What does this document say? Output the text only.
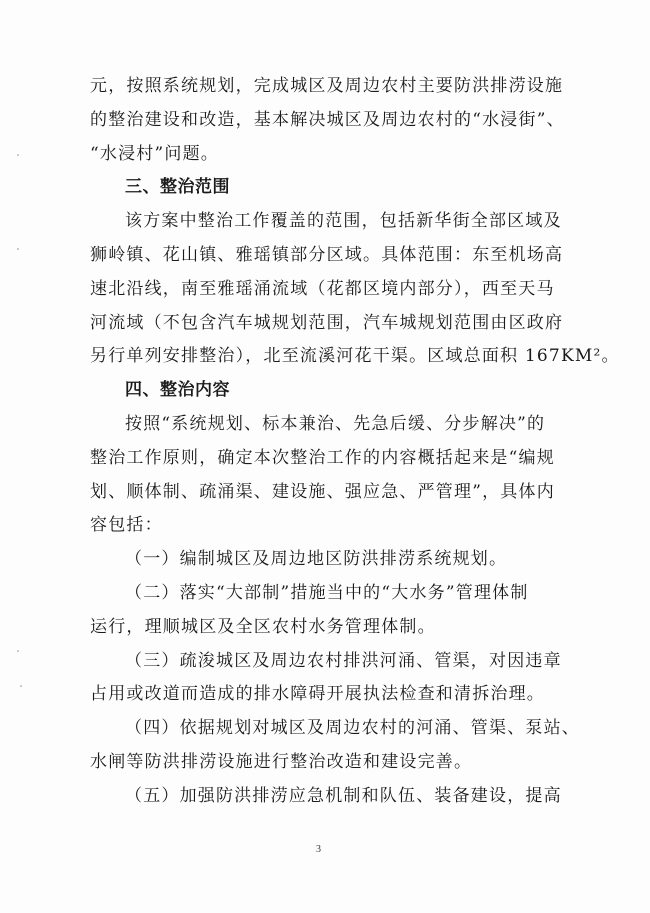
元，按照系统规划，完成城区及周边农村主要防洪排涝设施
的整治建设和改造，基本解决城区及周边农村的“水浸街”、
“水浸村”问题。
三、整治范围
该方案中整治工作覆盖的范围，包括新华街全部区域及
狮岭镇、花山镇、雅瑶镇部分区域。具体范围：东至机场高
速北沿线，南至雅瑶涌流域（花都区境内部分），西至天马
河流域（不包含汽车城规划范围，汽车城规划范围由区政府
另行单列安排整治），北至流溪河花干渠。区域总面积 167KM²。
四、整治内容
按照“系统规划、标本兼治、先急后缓、分步解决”的
整治工作原则，确定本次整治工作的内容概括起来是“编规
划、顺体制、疏涌渠、建设施、强应急、严管理”，具体内
容包括：
（一）编制城区及周边地区防洪排涝系统规划。
（二）落实“大部制”措施当中的“大水务”管理体制
运行，理顺城区及全区农村水务管理体制。
（三）疏浚城区及周边农村排洪河涌、管渠，对因违章
占用或改道而造成的排水障碍开展执法检查和清拆治理。
（四）依据规划对城区及周边农村的河涌、管渠、泵站、
水闸等防洪排涝设施进行整治改造和建设完善。
（五）加强防洪排涝应急机制和队伍、装备建设，提高
3
